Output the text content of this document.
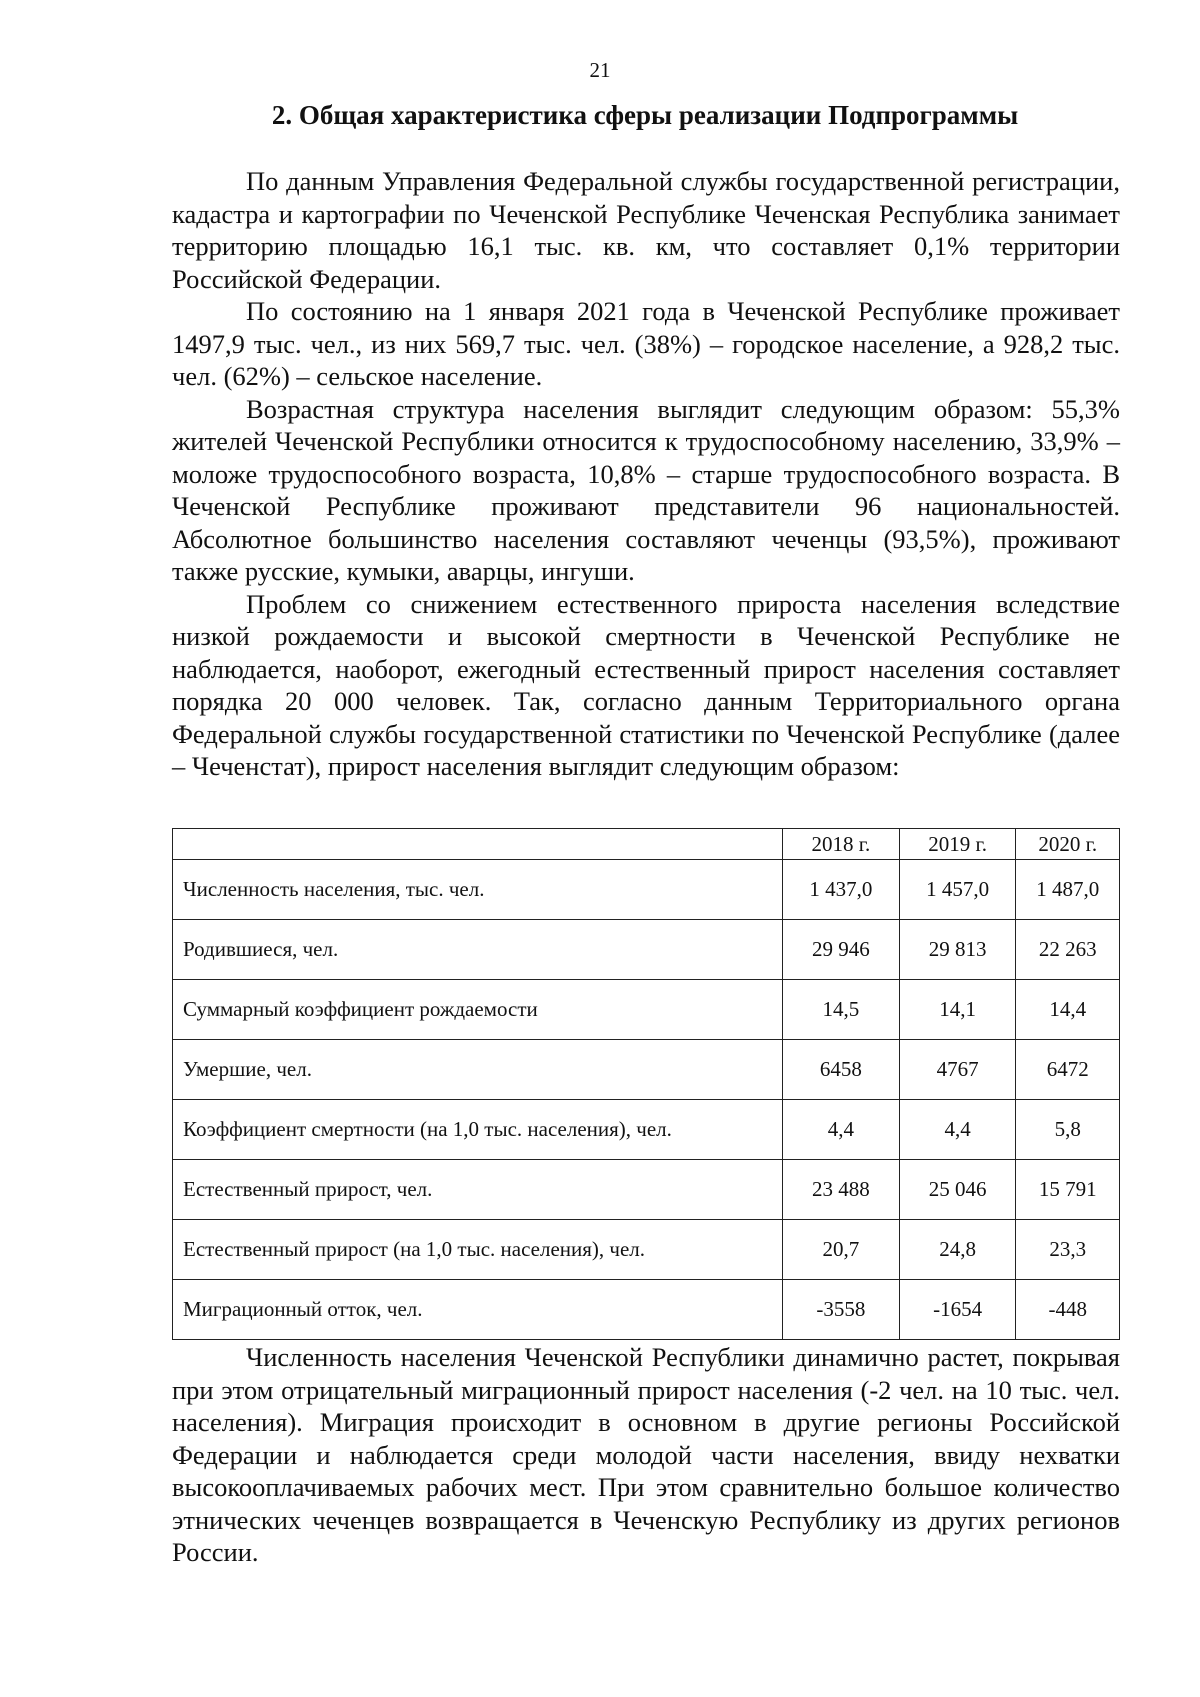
21
2. Общая характеристика сферы реализации Подпрограммы

По данным Управления Федеральной службы государственной регистрации, кадастра и картографии по Чеченской Республике Чеченская Республика занимает территорию площадью 16,1 тыс. кв. км, что составляет 0,1% территории Российской Федерации.

По состоянию на 1 января 2021 года в Чеченской Республике проживает 1497,9 тыс. чел., из них 569,7 тыс. чел. (38%) – городское население, а 928,2 тыс. чел. (62%) – сельское население.

Возрастная структура населения выглядит следующим образом: 55,3% жителей Чеченской Республики относится к трудоспособному населению, 33,9% – моложе трудоспособного возраста, 10,8% – старше трудоспособного возраста. В Чеченской Республике проживают представители 96 национальностей. Абсолютное большинство населения составляют чеченцы (93,5%), проживают также русские, кумыки, аварцы, ингуши.

Проблем со снижением естественного прироста населения вследствие низкой рождаемости и высокой смертности в Чеченской Республике не наблюдается, наоборот, ежегодный естественный прирост населения составляет порядка 20 000 человек. Так, согласно данным Территориального органа Федеральной службы государственной статистики по Чеченской Республике (далее – Чеченстат), прирост населения выглядит следующим образом:

	2018 г.	2019 г.	2020 г.
Численность населения, тыс. чел.	1 437,0	1 457,0	1 487,0
Родившиеся, чел.	29 946	29 813	22 263
Суммарный коэффициент рождаемости	14,5	14,1	14,4
Умершие, чел.	6458	4767	6472
Коэффициент смертности (на 1,0 тыс. населения), чел.	4,4	4,4	5,8
Естественный прирост, чел.	23 488	25 046	15 791
Естественный прирост (на 1,0 тыс. населения), чел.	20,7	24,8	23,3
Миграционный отток, чел.	-3558	-1654	-448

Численность населения Чеченской Республики динамично растет, покрывая при этом отрицательный миграционный прирост населения (-2 чел. на 10 тыс. чел. населения). Миграция происходит в основном в другие регионы Российской Федерации и наблюдается среди молодой части населения, ввиду нехватки высокооплачиваемых рабочих мест. При этом сравнительно большое количество этнических чеченцев возвращается в Чеченскую Республику из других регионов России.
